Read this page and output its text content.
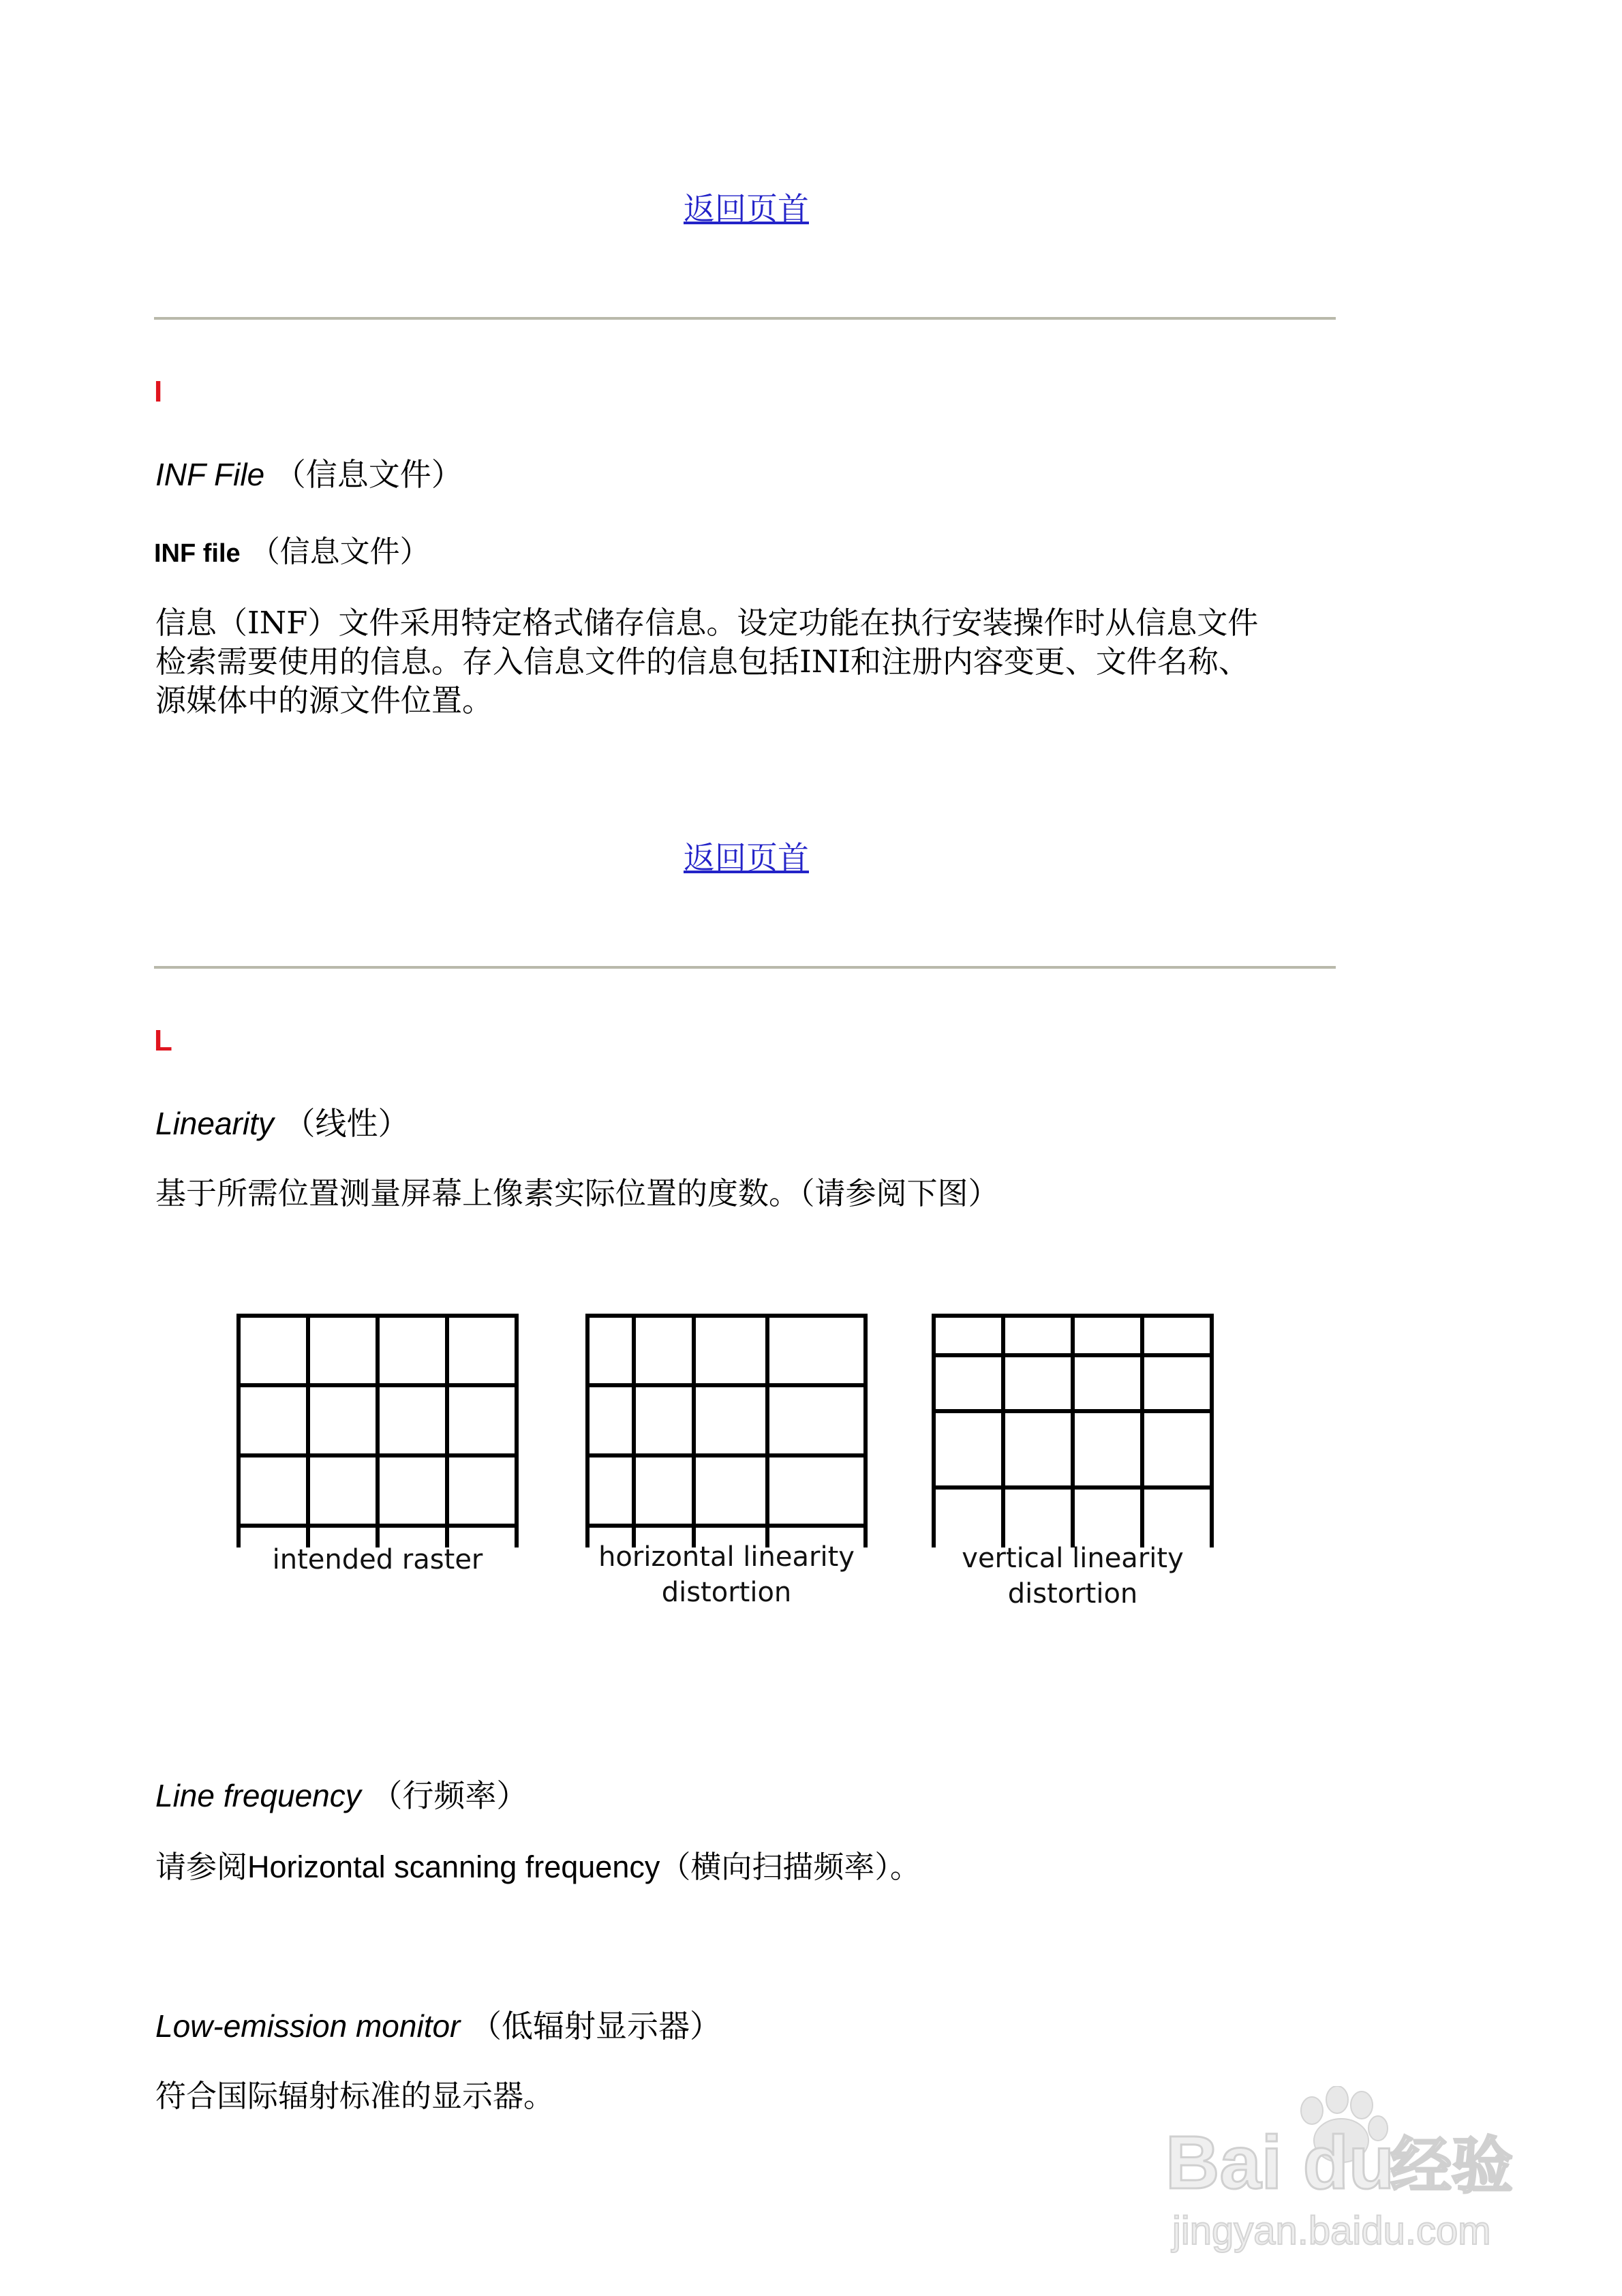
返回页首
I
INF File （信息文件）
INF file （信息文件）
信息（INF）文件采用特定格式储存信息。设定功能在执行安装操作时从信息文件
检索需要使用的信息。存入信息文件的信息包括INI和注册内容变更、文件名称、
源媒体中的源文件位置。
返回页首
L
Linearity （线性）
基于所需位置测量屏幕上像素实际位置的度数。（请参阅下图）
intended raster	horizontal linearity
distortion
vertical linearity
distortion
Line frequency （行频率）
请参阅Horizontal scanning frequency（横向扫描频率）。
Low-emission monitor （低辐射显示器）
符合国际辐射标准的显示器。
Bai du
经验
jingyan.baidu.com
